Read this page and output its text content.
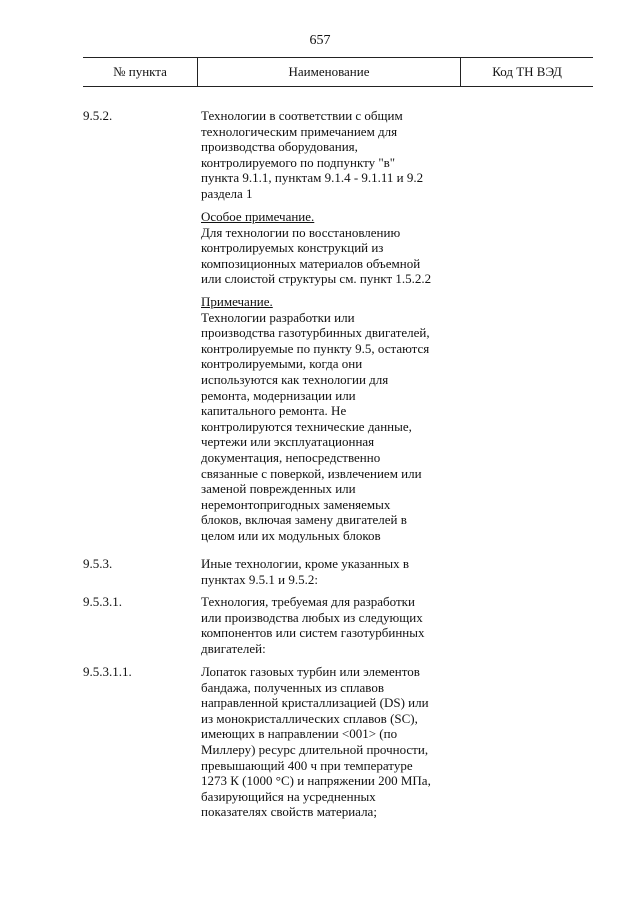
657
№ пункта	Наименование	Код ТН ВЭД
9.5.2.	Технологии в соответствии с общим
технологическим примечанием для
производства оборудования,
контролируемого по подпункту "в"
пункта 9.1.1, пунктам 9.1.4 - 9.1.11 и 9.2
раздела 1
Особое примечание.
Для технологии по восстановлению
контролируемых конструкций из
композиционных материалов объемной
или слоистой структуры см. пункт 1.5.2.2
Примечание.
Технологии разработки или
производства газотурбинных двигателей,
контролируемые по пункту 9.5, остаются
контролируемыми, когда они
используются как технологии для
ремонта, модернизации или
капитального ремонта. Не
контролируются технические данные,
чертежи или эксплуатационная
документация, непосредственно
связанные с поверкой, извлечением или
заменой поврежденных или
неремонтопригодных заменяемых
блоков, включая замену двигателей в
целом или их модульных блоков
9.5.3.	Иные технологии, кроме указанных в
пунктах 9.5.1 и 9.5.2:
9.5.3.1.	Технология, требуемая для разработки
или производства любых из следующих
компонентов или систем газотурбинных
двигателей:
9.5.3.1.1.	Лопаток газовых турбин или элементов
бандажа, полученных из сплавов
направленной кристаллизацией (DS) или
из монокристаллических сплавов (SC),
имеющих в направлении <001> (по
Миллеру) ресурс длительной прочности,
превышающий 400 ч при температуре
1273 К (1000 °C) и напряжении 200 МПа,
базирующийся на усредненных
показателях свойств материала;
